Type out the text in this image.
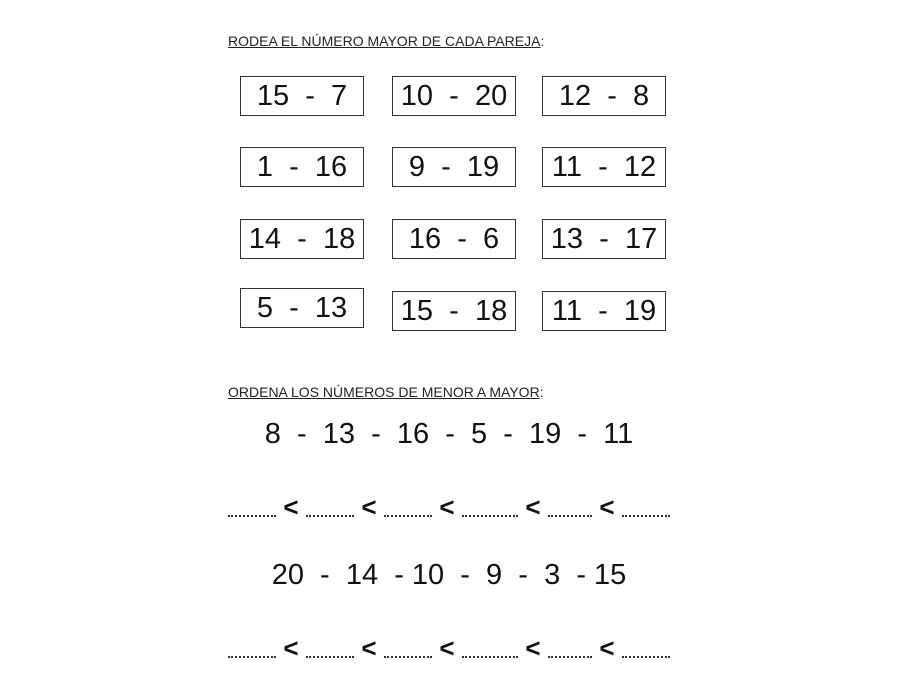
RODEA EL NÚMERO MAYOR DE CADA PAREJA:
15  -  7	10  -  20	12  -  8
1  -  16	9  -  19	11  -  12
14  -  18	16  -  6	13  -  17
5  -  13	15  -  18	11  -  19
ORDENA LOS NÚMEROS DE MENOR A MAYOR:
8  -  13  -  16  -  5  -  19  -  11
< < <	< <
20  -  14  - 10  -  9  -  3  - 15
< < <	< <
